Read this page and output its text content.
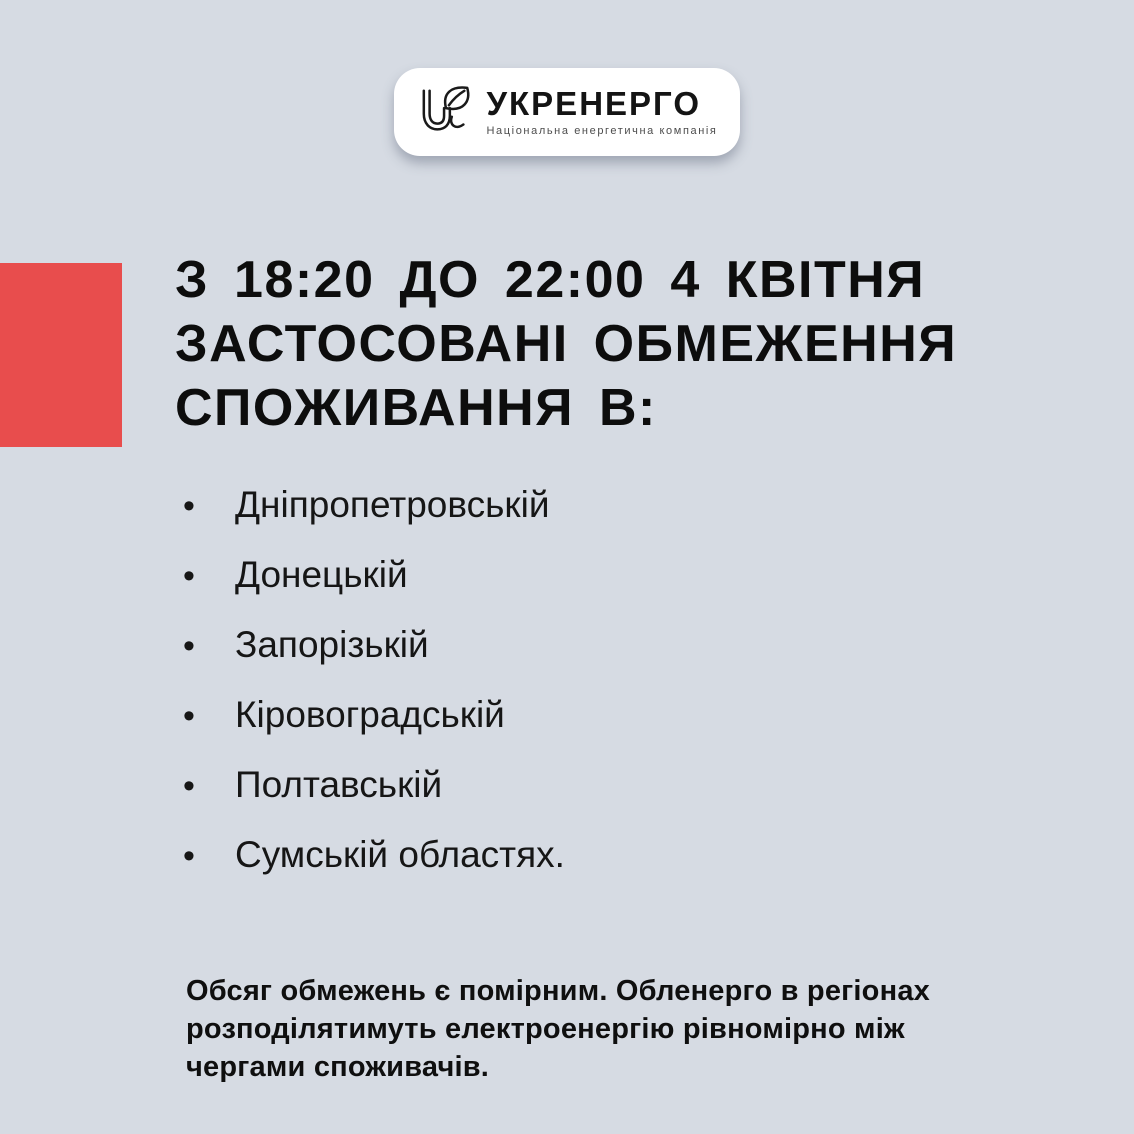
УКРЕНЕРГО
Національна енергетична компанія
З 18:20 ДО 22:00 4 КВІТНЯ
ЗАСТОСОВАНІ ОБМЕЖЕННЯ
СПОЖИВАННЯ В:
•	Дніпропетровській
•	Донецькій
•	Запорізькій
•	Кіровоградській
•	Полтавській
•	Сумській областях.
Обсяг обмежень є помірним. Обленерго в регіонах
розподілятимуть електроенергію рівномірно між
чергами споживачів.
